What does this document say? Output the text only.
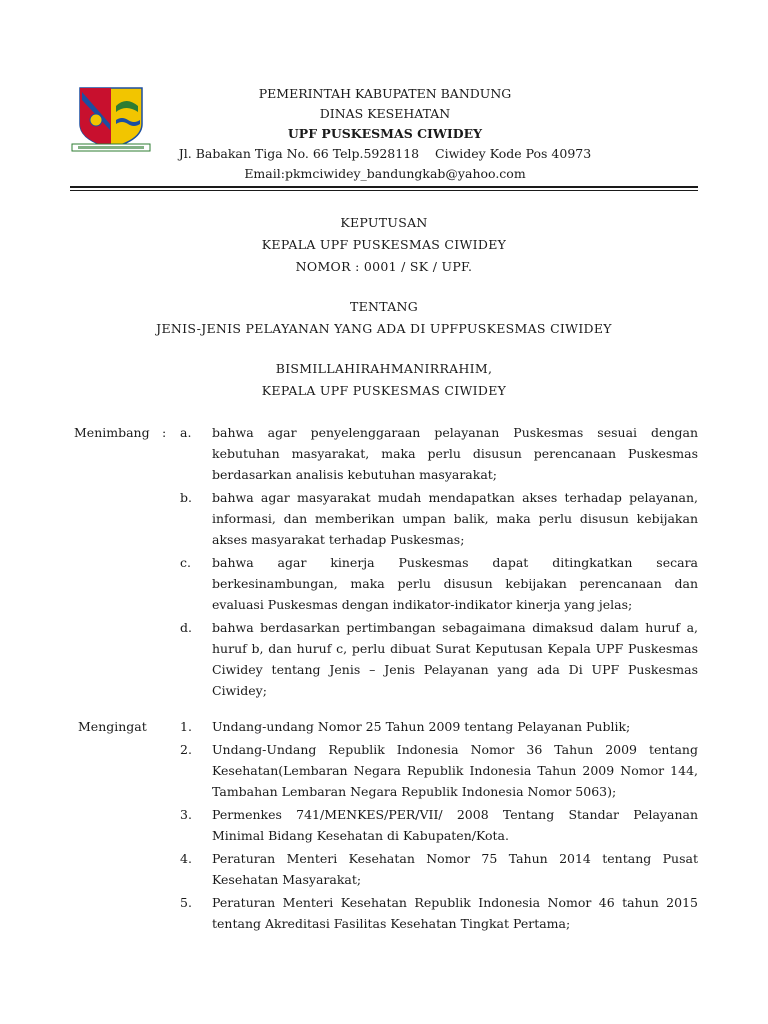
PEMERINTAH KABUPATEN BANDUNG
DINAS KESEHATAN
UPF PUSKESMAS CIWIDEY
Jl. Babakan Tiga No. 66 Telp.5928118    Ciwidey Kode Pos 40973
Email:pkmciwidey_bandungkab@yahoo.com
KEPUTUSAN
KEPALA UPF PUSKESMAS CIWIDEY
NOMOR : 0001 / SK / UPF.
TENTANG
JENIS-JENIS PELAYANAN YANG ADA DI UPFPUSKESMAS CIWIDEY
BISMILLAHIRAHMANIRRAHIM,
KEPALA UPF PUSKESMAS CIWIDEY
Menimbang : a. bahwa agar penyelenggaraan pelayanan Puskesmas sesuai dengan kebutuhan masyarakat, maka perlu disusun perencanaan Puskesmas berdasarkan analisis kebutuhan masyarakat;
b. bahwa agar masyarakat mudah mendapatkan akses terhadap pelayanan, informasi, dan memberikan umpan balik, maka perlu disusun kebijakan akses masyarakat terhadap Puskesmas;
c. bahwa agar kinerja Puskesmas dapat ditingkatkan secara berkesinambungan, maka perlu disusun kebijakan perencanaan dan evaluasi Puskesmas dengan indikator-indikator kinerja yang jelas;
d. bahwa berdasarkan pertimbangan sebagaimana dimaksud dalam huruf a, huruf b, dan huruf c, perlu dibuat Surat Keputusan Kepala UPF Puskesmas Ciwidey tentang Jenis – Jenis Pelayanan yang ada Di UPF Puskesmas Ciwidey;
Mengingat	1. Undang-undang Nomor 25 Tahun 2009 tentang Pelayanan Publik;
2. Undang-Undang Republik Indonesia Nomor 36 Tahun 2009 tentang Kesehatan(Lembaran Negara Republik Indonesia Tahun 2009 Nomor 144, Tambahan Lembaran Negara Republik Indonesia Nomor 5063);
3. Permenkes 741/MENKES/PER/VII/ 2008 Tentang Standar Pelayanan Minimal Bidang Kesehatan di Kabupaten/Kota.
4. Peraturan Menteri Kesehatan Nomor 75 Tahun 2014 tentang Pusat Kesehatan Masyarakat;
5. Peraturan Menteri Kesehatan Republik Indonesia Nomor 46 tahun 2015 tentang Akreditasi Fasilitas Kesehatan Tingkat Pertama;
